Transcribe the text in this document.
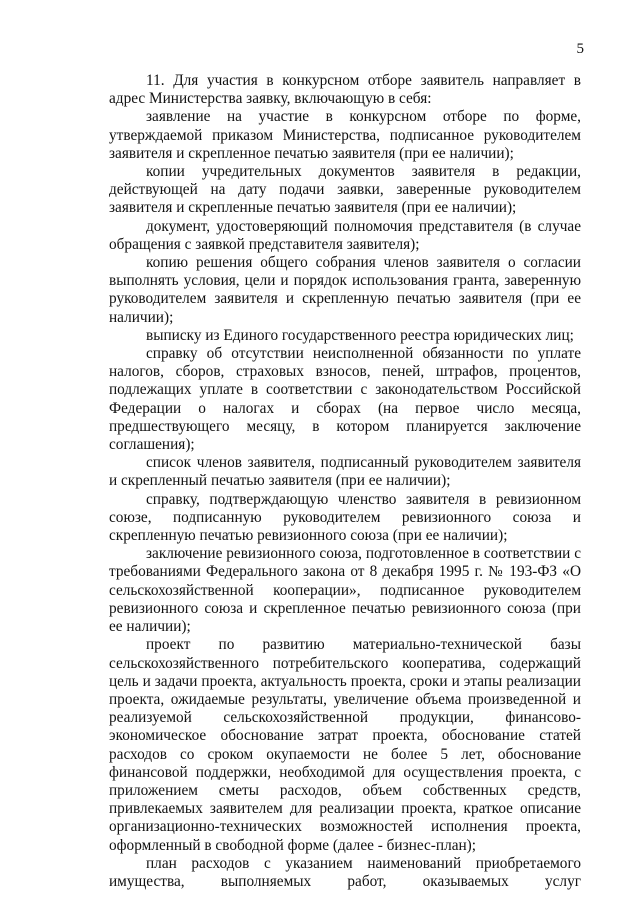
5

11. Для участия в конкурсном отборе заявитель направляет в адрес Министерства заявку, включающую в себя:

заявление на участие в конкурсном отборе по форме, утверждаемой приказом Министерства, подписанное руководителем заявителя и скрепленное печатью заявителя (при ее наличии);

копии учредительных документов заявителя в редакции, действующей на дату подачи заявки, заверенные руководителем заявителя и скрепленные печатью заявителя (при ее наличии);

документ, удостоверяющий полномочия представителя (в случае обращения с заявкой представителя заявителя);

копию решения общего собрания членов заявителя о согласии выполнять условия, цели и порядок использования гранта, заверенную руководителем заявителя и скрепленную печатью заявителя (при ее наличии);

выписку из Единого государственного реестра юридических лиц;

справку об отсутствии неисполненной обязанности по уплате налогов, сборов, страховых взносов, пеней, штрафов, процентов, подлежащих уплате в соответствии с законодательством Российской Федерации о налогах и сборах (на первое число месяца, предшествующего месяцу, в котором планируется заключение соглашения);

список членов заявителя, подписанный руководителем заявителя и скрепленный печатью заявителя (при ее наличии);

справку, подтверждающую членство заявителя в ревизионном союзе, подписанную руководителем ревизионного союза и скрепленную печатью ревизионного союза (при ее наличии);

заключение ревизионного союза, подготовленное в соответствии с требованиями Федерального закона от 8 декабря 1995 г. № 193-ФЗ «О сельскохозяйственной кооперации», подписанное руководителем ревизионного союза и скрепленное печатью ревизионного союза (при ее наличии);

проект по развитию материально-технической базы сельскохозяйственного потребительского кооператива, содержащий цель и задачи проекта, актуальность проекта, сроки и этапы реализации проекта, ожидаемые результаты, увеличение объема произведенной и реализуемой сельскохозяйственной продукции, финансово-экономическое обоснование затрат проекта, обоснование статей расходов со сроком окупаемости не более 5 лет, обоснование финансовой поддержки, необходимой для осуществления проекта, с приложением сметы расходов, объем собственных средств, привлекаемых заявителем для реализации проекта, краткое описание организационно-технических возможностей исполнения проекта, оформленный в свободной форме (далее - бизнес-план);

план расходов с указанием наименований приобретаемого имущества, выполняемых работ, оказываемых услуг
